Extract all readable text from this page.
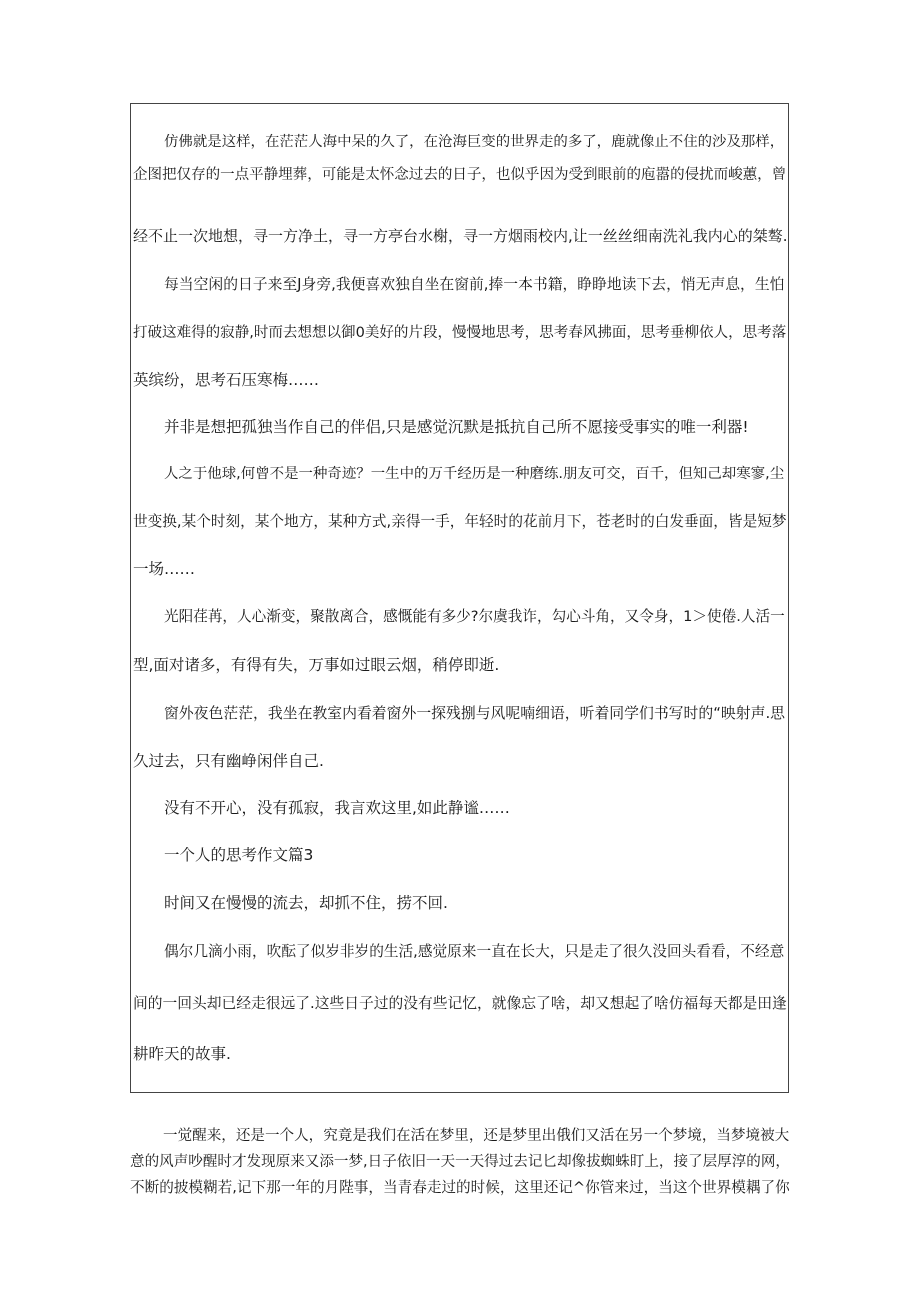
仿佛就是这样，在茫茫人海中呆的久了，在沧海巨变的世界走的多了，鹿就像止不住的沙及那样，
企图把仅存的一点平静埋葬，可能是太怀念过去的日子，也似乎因为受到眼前的庖嚣的侵扰而峻蕙，曾
经不止一次地想，寻一方净土，寻一方亭台水榭，寻一方烟雨校内,让一丝丝细南洗礼我内心的桀骜.
每当空闲的日子来至J身旁,我便喜欢独自坐在窗前,捧一本书籍，睁睁地读下去，悄无声息，生怕
打破这难得的寂静,时而去想想以御0美好的片段，慢慢地思考，思考春风拂面，思考垂柳依人，思考落
英缤纷，思考石压寒梅……
并非是想把孤独当作自己的伴侣,只是感觉沉默是抵抗自己所不愿接受事实的唯一利器!
人之于他球,何曾不是一种奇迹？一生中的万千经历是一种磨练.朋友可交，百千，但知己却寒寥,尘
世变换,某个时刻，某个地方，某种方式,亲得一手，年轻时的花前月下，苍老时的白发垂面，皆是短梦
一场……
光阳荏苒，人心渐变，聚散离合，感慨能有多少?尔虞我诈，勾心斗角，又令身，1＞使倦.人活一
型,面对诸多，有得有失，万事如过眼云烟，稍停即逝.
窗外夜色茫茫，我坐在教室内看着窗外一探残捌与风呢喃细语，听着同学们书写时的“映射声.思
久过去，只有幽峥闲伴自己.
没有不开心，没有孤寂，我言欢这里,如此静谧……
一个人的思考作文篇3
时间又在慢慢的流去，却抓不住，捞不回.
偶尔几滴小雨，吹酝了似岁非岁的生活,感觉原来一直在长大，只是走了很久没回头看看，不经意
间的一回头却已经走很远了.这些日子过的没有些记忆，就像忘了啥，却又想起了啥仿福每天都是田逢
耕昨天的故事.
一觉醒来，还是一个人，究竟是我们在活在梦里，还是梦里出俄们又活在另一个梦境，当梦境被大
意的风声吵醒时才发现原来又添一梦,日子依旧一天一天得过去记匕却像拔蜘蛛盯上，接了层厚淳的网，
不断的披模糊若,记下那一年的月陛事，当青春走过的时候，这里还记^你管来过，当这个世界模耦了你
